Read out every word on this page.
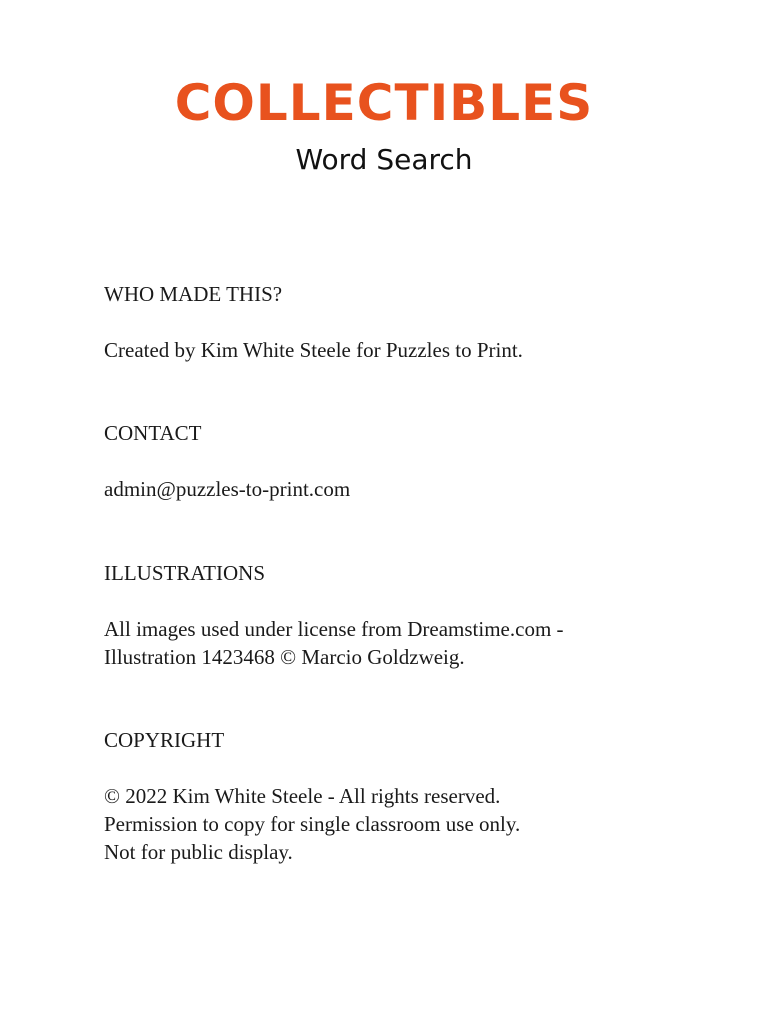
COLLECTIBLES
Word Search
WHO MADE THIS?
Created by Kim White Steele for Puzzles to Print.
CONTACT
admin@puzzles-to-print.com
ILLUSTRATIONS
All images used under license from Dreamstime.com -
Illustration 1423468 © Marcio Goldzweig.
COPYRIGHT
© 2022 Kim White Steele - All rights reserved.
Permission to copy for single classroom use only.
Not for public display.
